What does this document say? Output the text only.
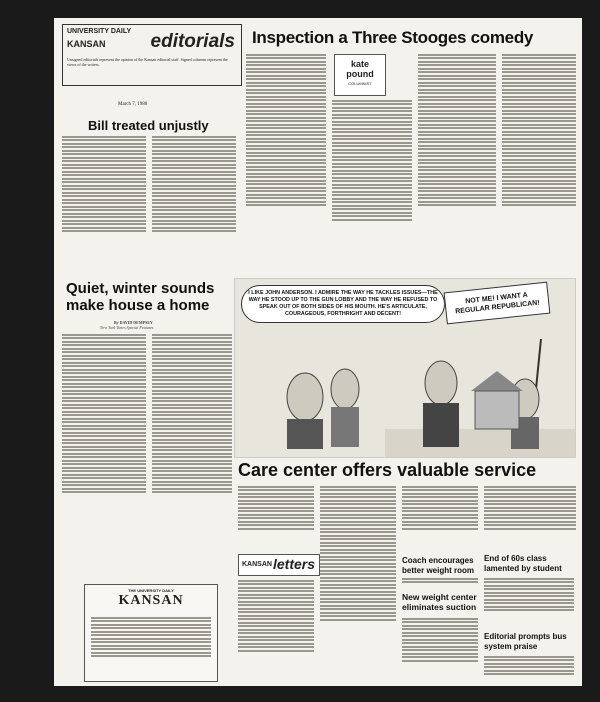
UNIVERSITY DAILY
KANSAN	editorials
Unsigned editorials represent the opinion of the Kansan editorial staff. Signed columns represent the views of the writers.
March 7, 1980
Inspection a Three Stooges comedy
Bill treated unjustly
kate
pound
COLUMNIST
Quiet, winter sounds make house a home
By DAVID DEMPSEY
New York Times Special Features
I LIKE JOHN ANDERSON. I ADMIRE THE WAY HE TACKLES ISSUES—THE WAY HE STOOD UP TO THE GUN LOBBY AND THE WAY HE REFUSED TO SPEAK OUT OF BOTH SIDES OF HIS MOUTH. HE'S ARTICULATE, COURAGEOUS, FORTHRIGHT AND DECENT!
NOT ME! I WANT A REGULAR REPUBLICAN!
Care center offers valuable service
KANSAN letters
New weight center eliminates suction
End of 60s class lamented by student
Editorial prompts bus system praise
Coach encourages better weight room
THE UNIVERSITY DAILY
KANSAN
